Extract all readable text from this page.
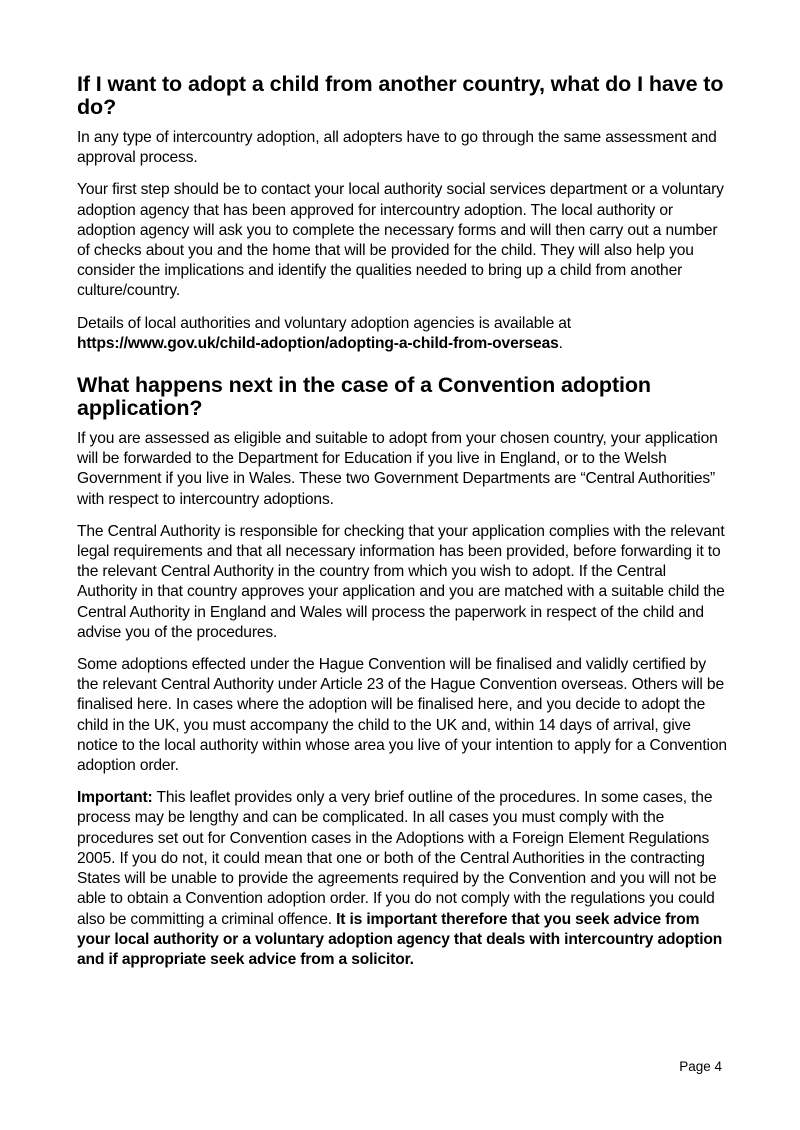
If I want to adopt a child from another country, what do I have to do?

In any type of intercountry adoption, all adopters have to go through the same assessment and approval process.

Your first step should be to contact your local authority social services department or a voluntary adoption agency that has been approved for intercountry adoption. The local authority or adoption agency will ask you to complete the necessary forms and will then carry out a number of checks about you and the home that will be provided for the child. They will also help you consider the implications and identify the qualities needed to bring up a child from another culture/country.

Details of local authorities and voluntary adoption agencies is available at
https://www.gov.uk/child-adoption/adopting-a-child-from-overseas.

What happens next in the case of a Convention adoption application?

If you are assessed as eligible and suitable to adopt from your chosen country, your application will be forwarded to the Department for Education if you live in England, or to the Welsh Government if you live in Wales. These two Government Departments are “Central Authorities” with respect to intercountry adoptions.

The Central Authority is responsible for checking that your application complies with the relevant legal requirements and that all necessary information has been provided, before forwarding it to the relevant Central Authority in the country from which you wish to adopt. If the Central Authority in that country approves your application and you are matched with a suitable child the Central Authority in England and Wales will process the paperwork in respect of the child and advise you of the procedures.

Some adoptions effected under the Hague Convention will be finalised and validly certified by the relevant Central Authority under Article 23 of the Hague Convention overseas. Others will be finalised here. In cases where the adoption will be finalised here, and you decide to adopt the child in the UK, you must accompany the child to the UK and, within 14 days of arrival, give notice to the local authority within whose area you live of your intention to apply for a Convention adoption order.

Important: This leaflet provides only a very brief outline of the procedures. In some cases, the process may be lengthy and can be complicated. In all cases you must comply with the procedures set out for Convention cases in the Adoptions with a Foreign Element Regulations 2005. If you do not, it could mean that one or both of the Central Authorities in the contracting States will be unable to provide the agreements required by the Convention and you will not be able to obtain a Convention adoption order. If you do not comply with the regulations you could also be committing a criminal offence. It is important therefore that you seek advice from your local authority or a voluntary adoption agency that deals with intercountry adoption and if appropriate seek advice from a solicitor.

Page 4
